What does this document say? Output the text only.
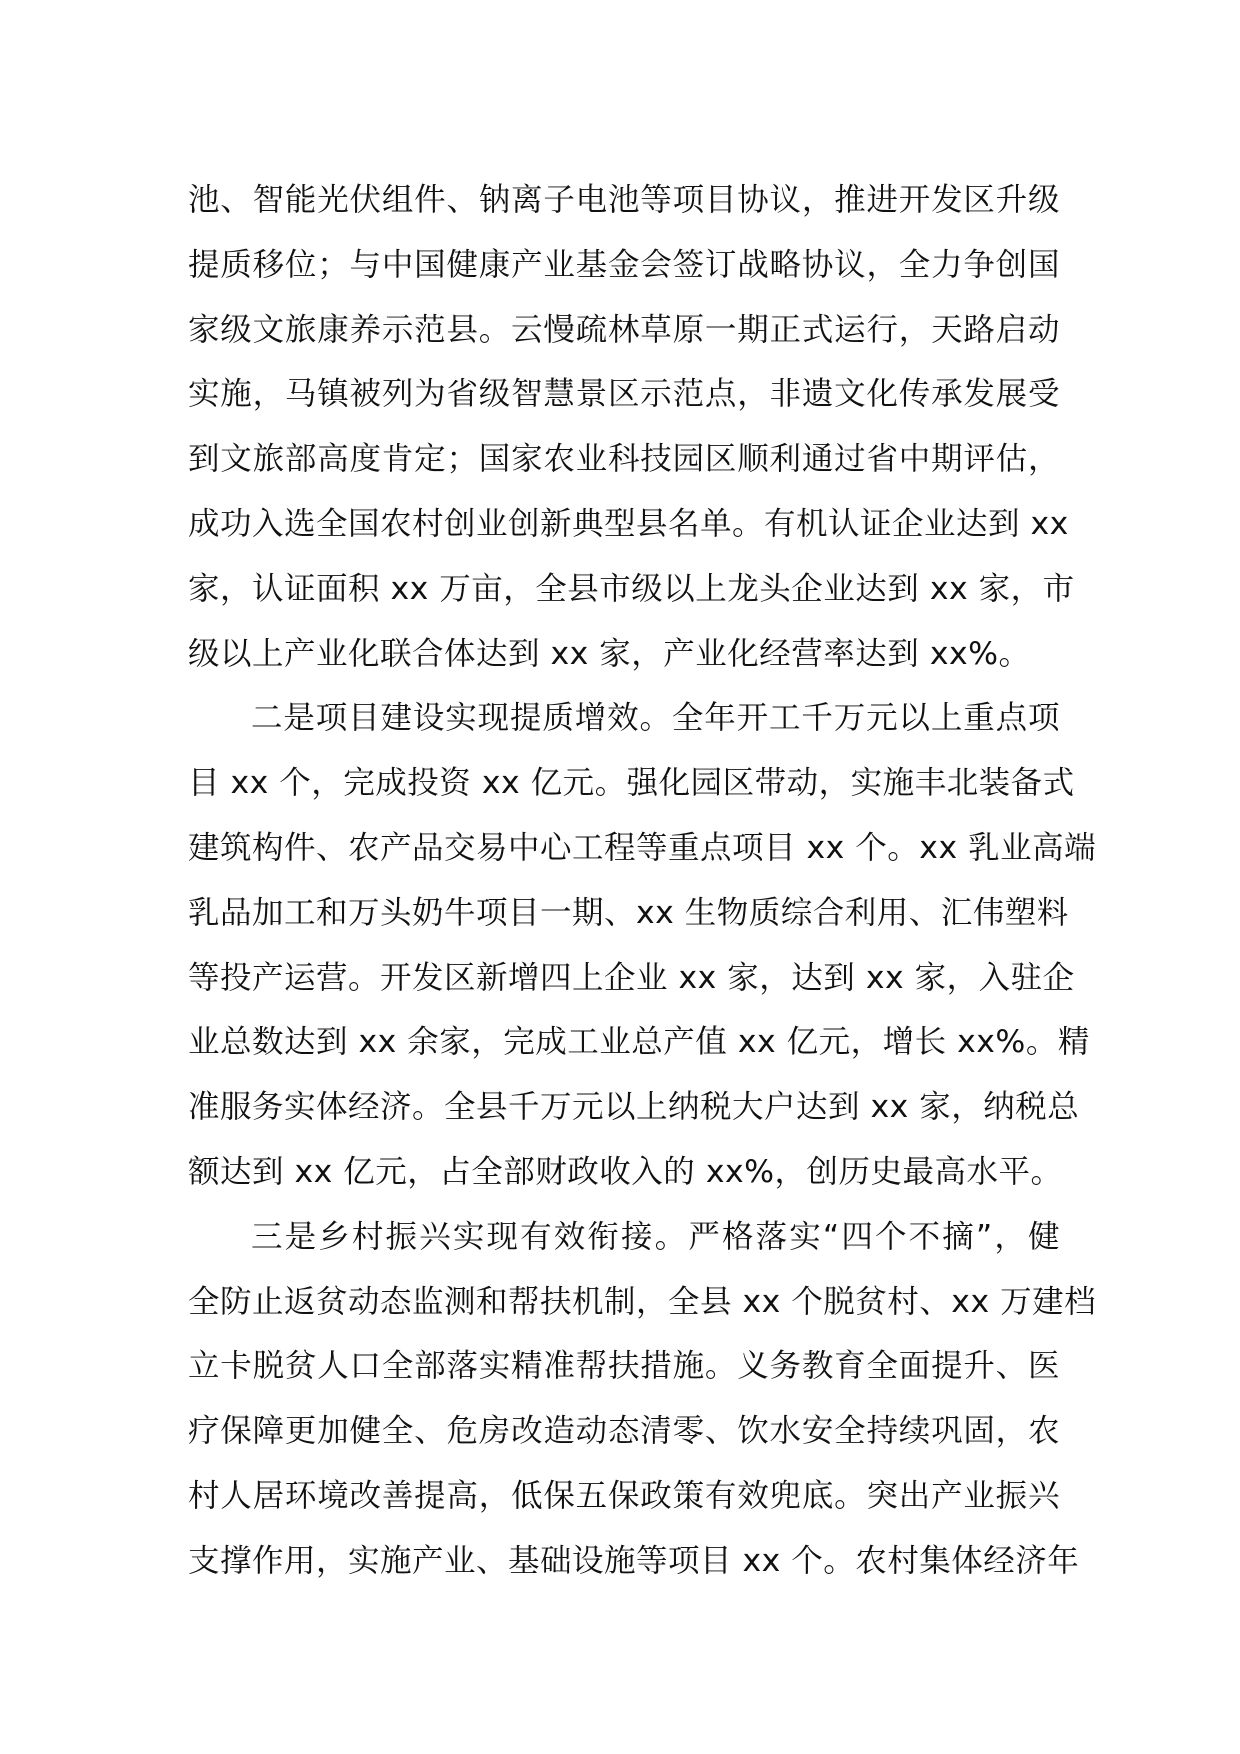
池、智能光伏组件、钠离子电池等项目协议，推进开发区升级
提质移位；与中国健康产业基金会签订战略协议，全力争创国
家级文旅康养示范县。云慢疏林草原一期正式运行，天路启动
实施，马镇被列为省级智慧景区示范点，非遗文化传承发展受
到文旅部高度肯定；国家农业科技园区顺利通过省中期评估，
成功入选全国农村创业创新典型县名单。有机认证企业达到 xx
家，认证面积 xx 万亩，全县市级以上龙头企业达到 xx 家，市
级以上产业化联合体达到 xx 家，产业化经营率达到 xx%。
二是项目建设实现提质增效。全年开工千万元以上重点项
目 xx 个，完成投资 xx 亿元。强化园区带动，实施丰北装备式
建筑构件、农产品交易中心工程等重点项目 xx 个。xx 乳业高端
乳品加工和万头奶牛项目一期、xx 生物质综合利用、汇伟塑料
等投产运营。开发区新增四上企业 xx 家，达到 xx 家，入驻企
业总数达到 xx 余家，完成工业总产值 xx 亿元，增长 xx%。精
准服务实体经济。全县千万元以上纳税大户达到 xx 家，纳税总
额达到 xx 亿元，占全部财政收入的 xx%，创历史最高水平。
三是乡村振兴实现有效衔接。严格落实“四个不摘”，健
全防止返贫动态监测和帮扶机制，全县 xx 个脱贫村、xx 万建档
立卡脱贫人口全部落实精准帮扶措施。义务教育全面提升、医
疗保障更加健全、危房改造动态清零、饮水安全持续巩固，农
村人居环境改善提高，低保五保政策有效兜底。突出产业振兴
支撑作用，实施产业、基础设施等项目 xx 个。农村集体经济年
